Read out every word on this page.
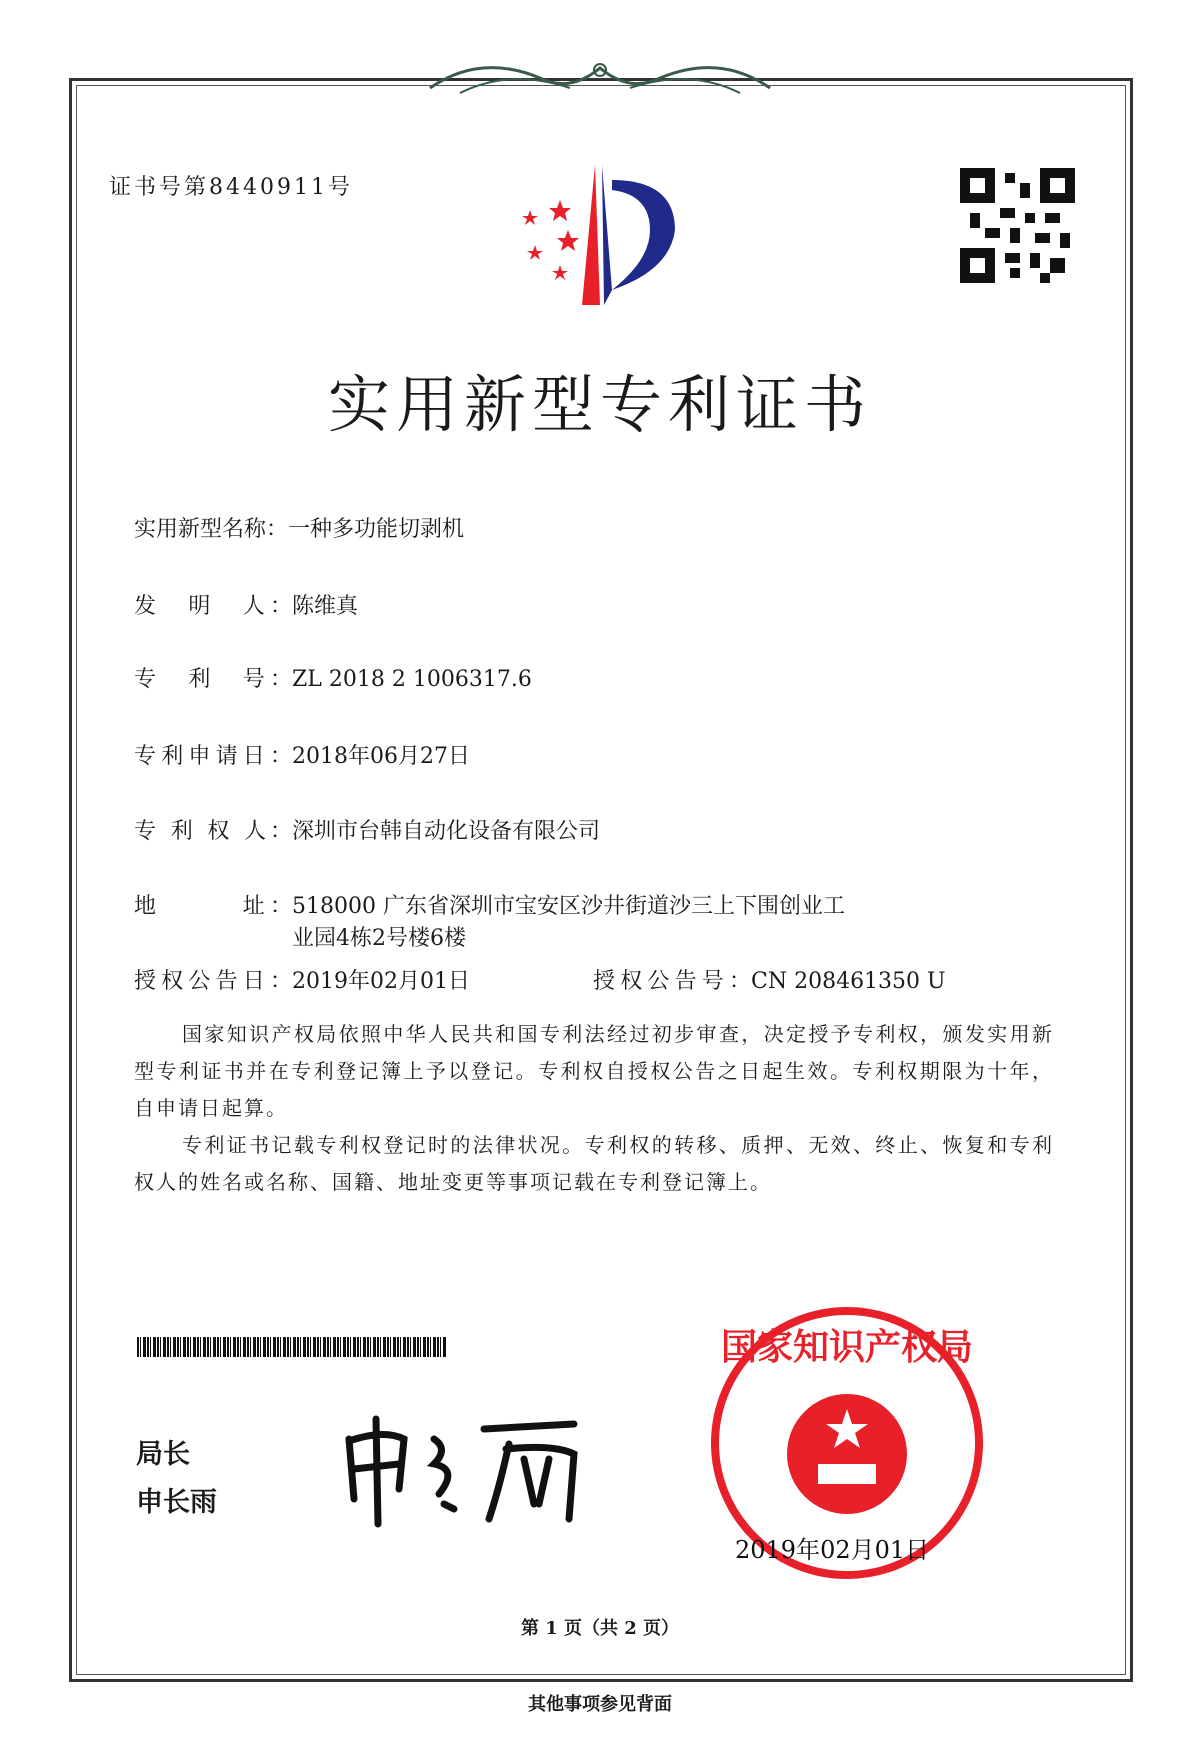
证书号第8440911号
实用新型专利证书
实用新型名称：一种多功能切剥机
发　明　人：陈维真
专　利　号：ZL 2018 2 1006317.6
专利申请日：2018年06月27日
专 利 权 人：深圳市台韩自动化设备有限公司
地　　　址：518000 广东省深圳市宝安区沙井街道沙三上下围创业工
业园4栋2号楼6楼
授权公告日：2019年02月01日	授权公告号：CN 208461350 U

国家知识产权局依照中华人民共和国专利法经过初步审查，决定授予专利权，颁发实用新型专利证书并在专利登记簿上予以登记。专利权自授权公告之日起生效。专利权期限为十年，自申请日起算。

专利证书记载专利权登记时的法律状况。专利权的转移、质押、无效、终止、恢复和专利权人的姓名或名称、国籍、地址变更等事项记载在专利登记簿上。

局长
申长雨
国家知识产权局
2019年02月01日
第 1 页（共 2 页）
其他事项参见背面
